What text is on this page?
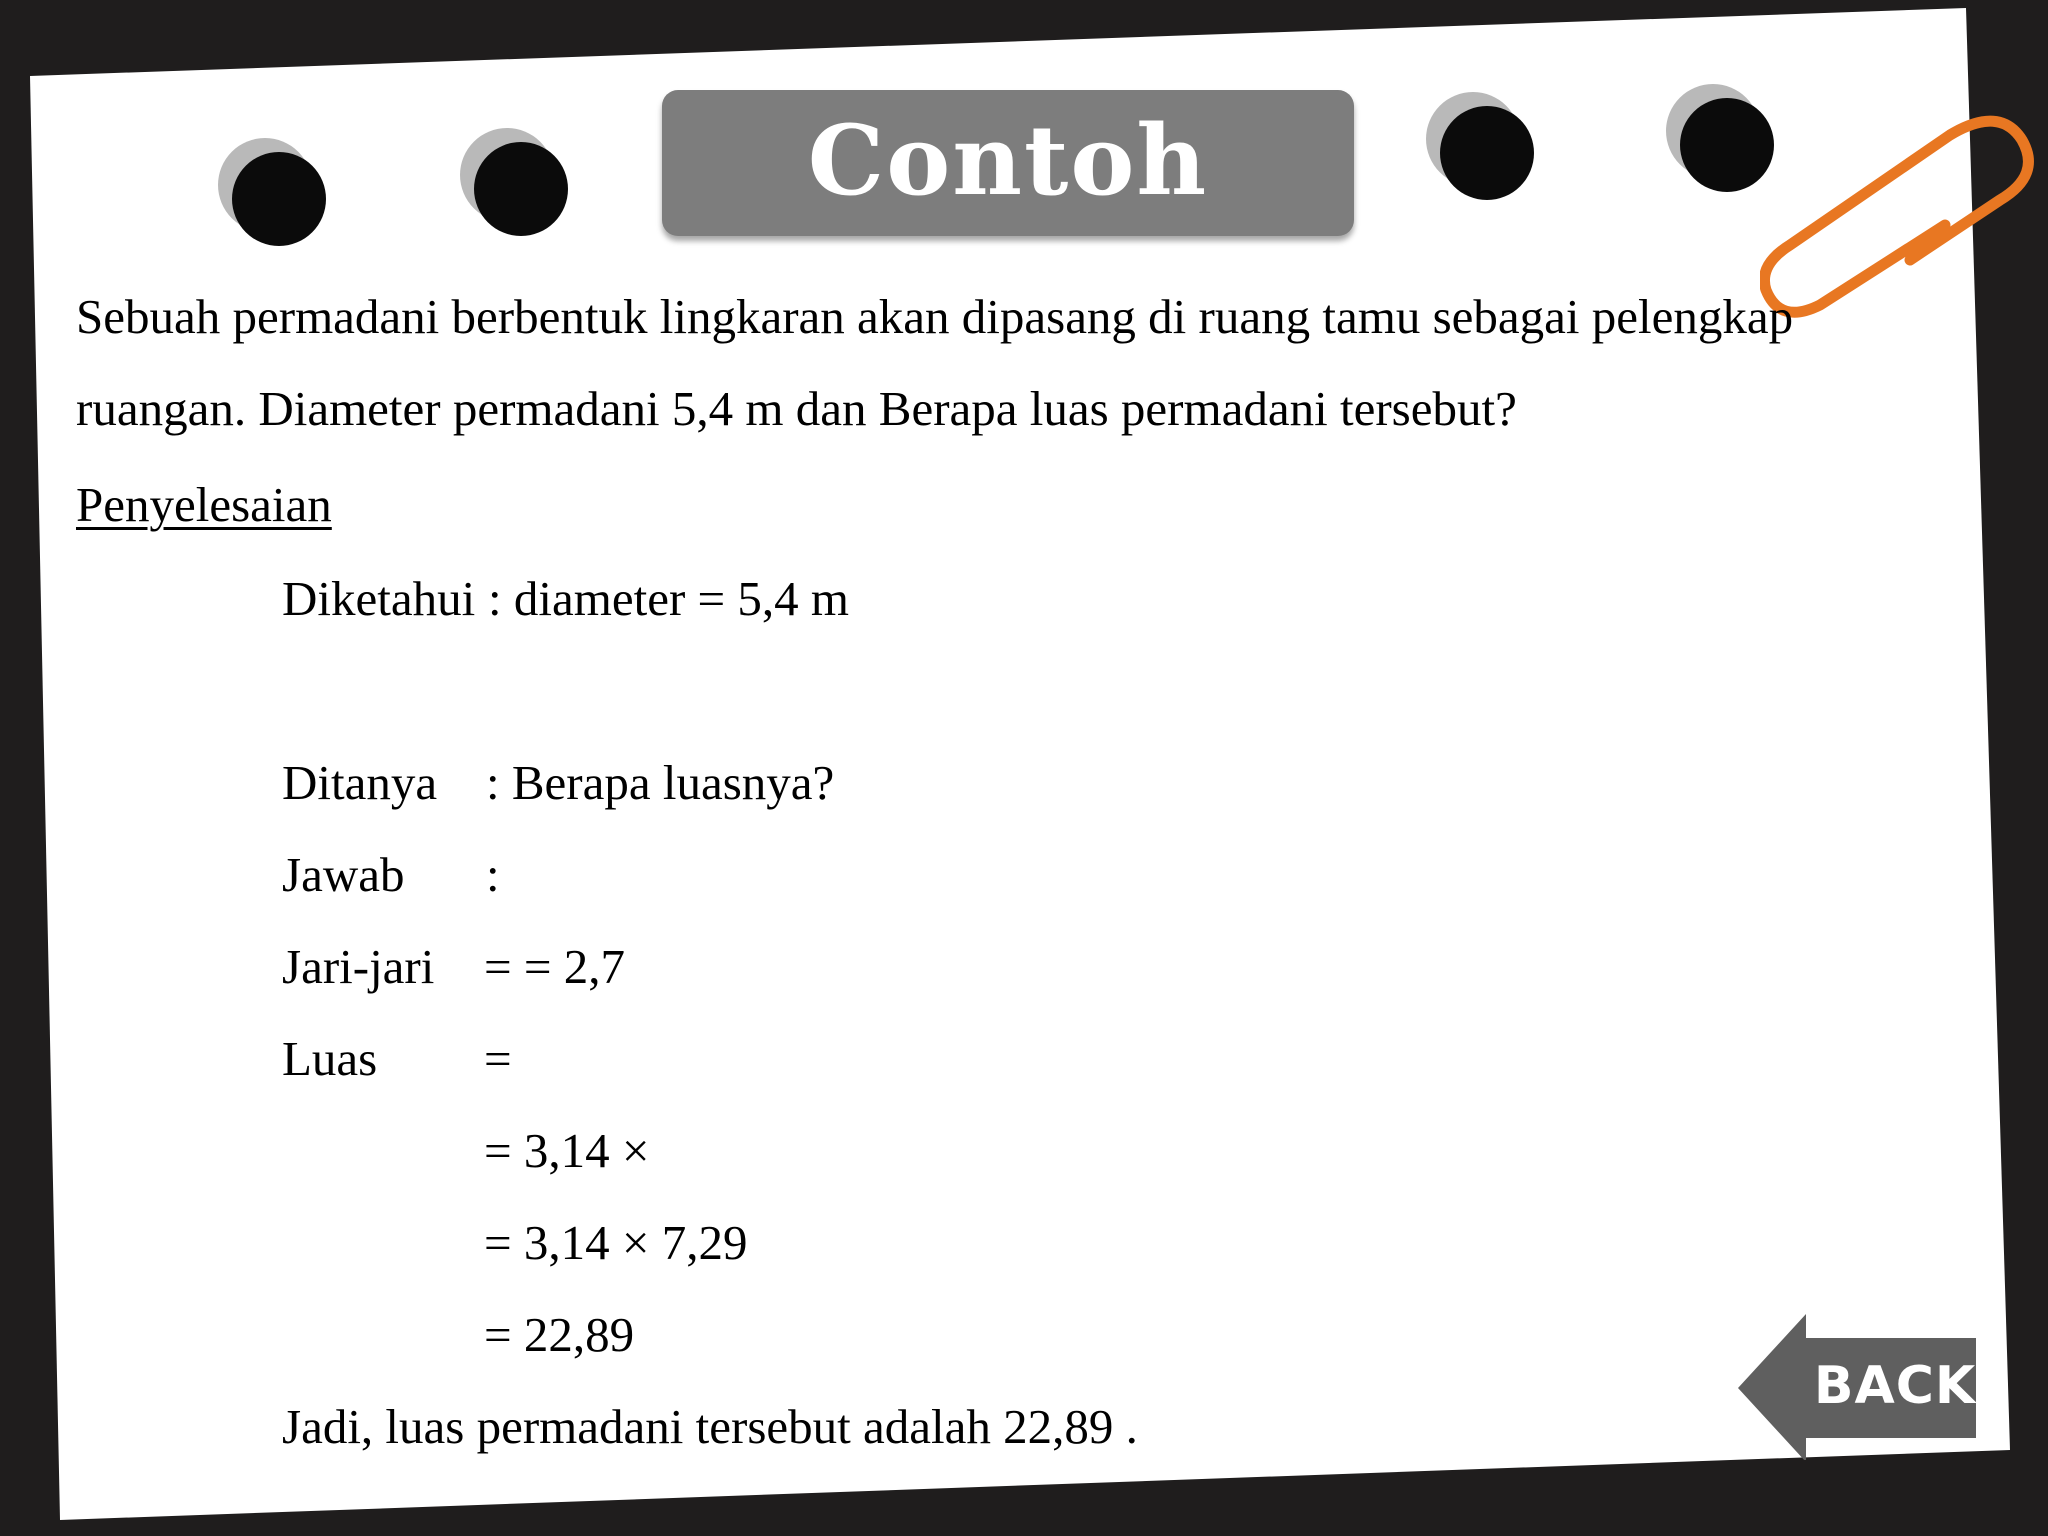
Contoh
Sebuah permadani berbentuk lingkaran akan dipasang di ruang tamu sebagai pelengkap
ruangan. Diameter permadani 5,4 m dan Berapa luas permadani tersebut?
Penyelesaian
Diketahui : diameter = 5,4 m
Ditanya : Berapa luasnya?
Jawab :
Jari-jari = = 2,7
Luas =
= 3,14 ×
= 3,14 × 7,29
= 22,89
Jadi, luas permadani tersebut adalah 22,89 .
BACK
